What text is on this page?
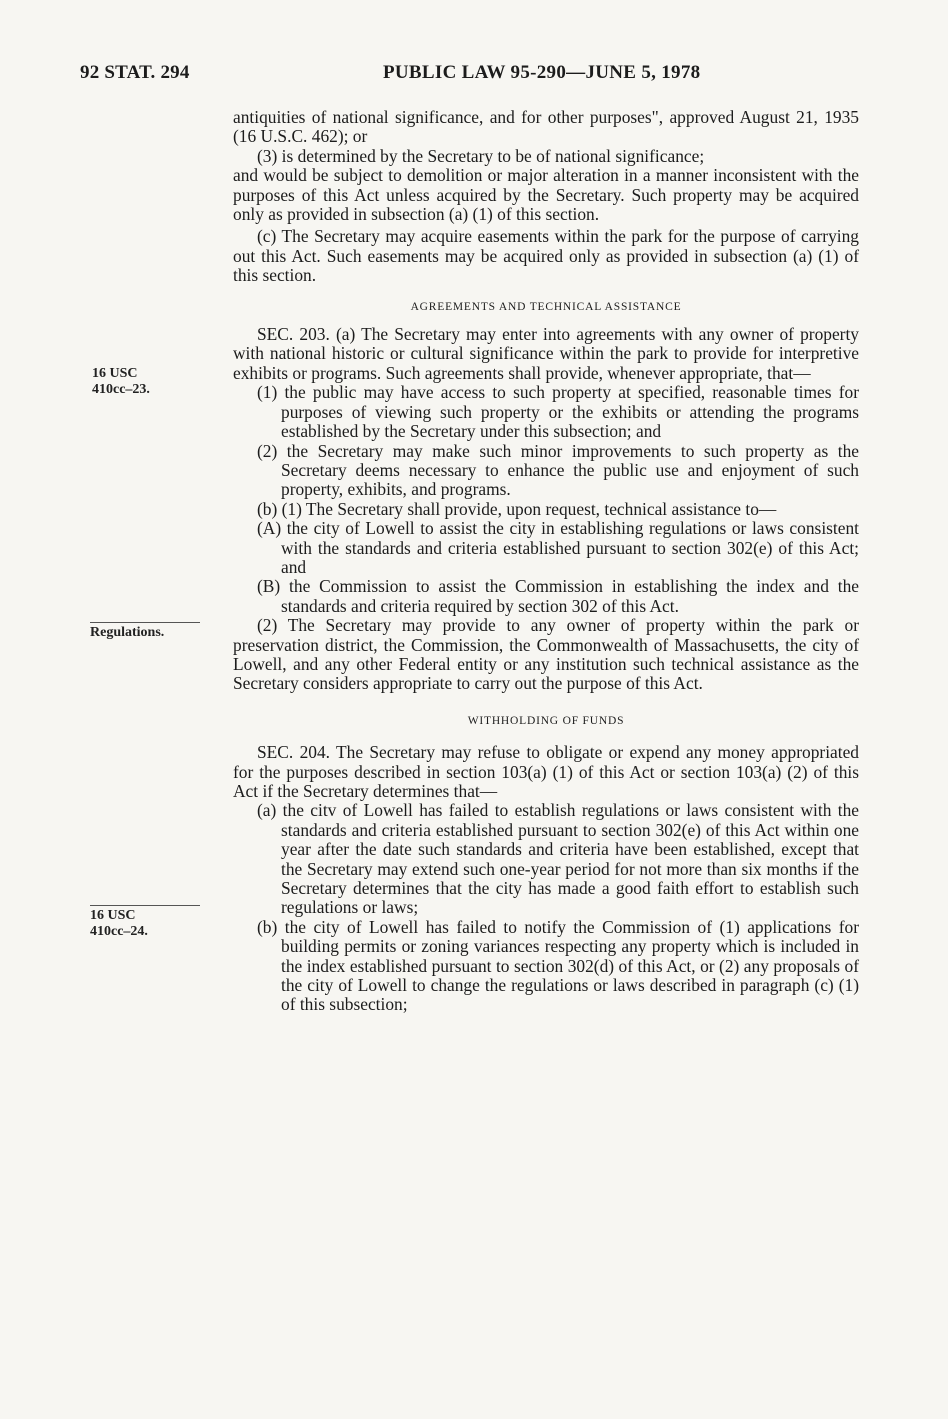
92 STAT. 294	PUBLIC LAW 95-290—JUNE 5, 1978
16 USC
410cc–23.
Regulations.
16 USC
410cc–24.

antiquities of national significance, and for other purposes", approved August 21, 1935 (16 U.S.C. 462); or

(3) is determined by the Secretary to be of national significance;

and would be subject to demolition or major alteration in a manner inconsistent with the purposes of this Act unless acquired by the Secretary. Such property may be acquired only as provided in subsection (a) (1) of this section.

(c) The Secretary may acquire easements within the park for the purpose of carrying out this Act. Such easements may be acquired only as provided in subsection (a) (1) of this section.

AGREEMENTS AND TECHNICAL ASSISTANCE

SEC. 203. (a) The Secretary may enter into agreements with any owner of property with national historic or cultural significance within the park to provide for interpretive exhibits or programs. Such agreements shall provide, whenever appropriate, that—

(1) the public may have access to such property at specified, reasonable times for purposes of viewing such property or the exhibits or attending the programs established by the Secretary under this subsection; and

(2) the Secretary may make such minor improvements to such property as the Secretary deems necessary to enhance the public use and enjoyment of such property, exhibits, and programs.

(b) (1) The Secretary shall provide, upon request, technical assistance to—

(A) the city of Lowell to assist the city in establishing regulations or laws consistent with the standards and criteria established pursuant to section 302(e) of this Act; and

(B) the Commission to assist the Commission in establishing the index and the standards and criteria required by section 302 of this Act.

(2) The Secretary may provide to any owner of property within the park or preservation district, the Commission, the Commonwealth of Massachusetts, the city of Lowell, and any other Federal entity or any institution such technical assistance as the Secretary considers appropriate to carry out the purpose of this Act.

WITHHOLDING OF FUNDS

SEC. 204. The Secretary may refuse to obligate or expend any money appropriated for the purposes described in section 103(a) (1) of this Act or section 103(a) (2) of this Act if the Secretary determines that—

(a) the citv of Lowell has failed to establish regulations or laws consistent with the standards and criteria established pursuant to section 302(e) of this Act within one year after the date such standards and criteria have been established, except that the Secretary may extend such one-year period for not more than six months if the Secretary determines that the city has made a good faith effort to establish such regulations or laws;

(b) the city of Lowell has failed to notify the Commission of (1) applications for building permits or zoning variances respecting any property which is included in the index established pursuant to section 302(d) of this Act, or (2) any proposals of the city of Lowell to change the regulations or laws described in paragraph (c) (1) of this subsection;
